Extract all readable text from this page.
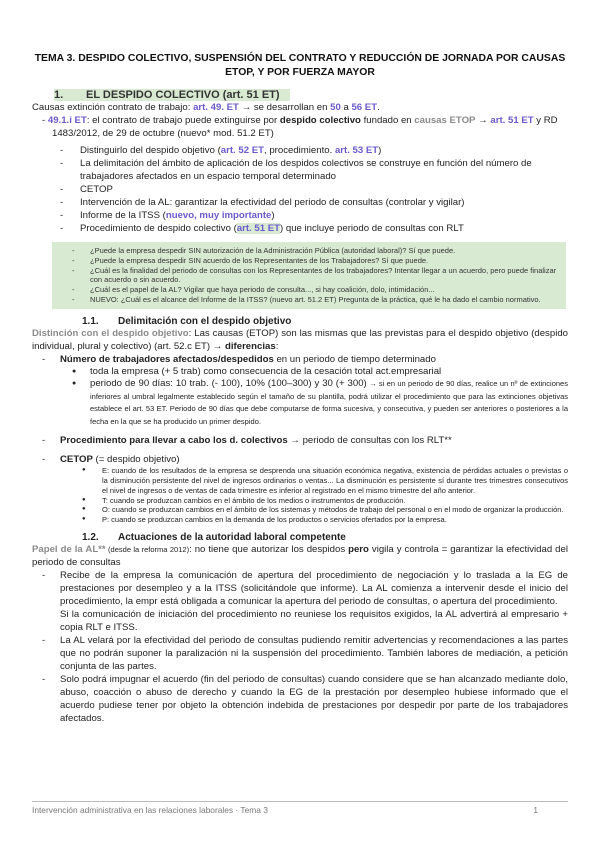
TEMA 3. DESPIDO COLECTIVO, SUSPENSIÓN DEL CONTRATO Y REDUCCIÓN DE JORNADA POR CAUSAS ETOP, Y POR FUERZA MAYOR
1. EL DESPIDO COLECTIVO (art. 51 ET)
Causas extinción contrato de trabajo: art. 49. ET → se desarrollan en 50 a 56 ET.
- 49.1.i ET: el contrato de trabajo puede extinguirse por despido colectivo fundado en causas ETOP → art. 51 ET y RD 1483/2012, de 29 de octubre (nuevo* mod. 51.2 ET)
- Distinguirlo del despido objetivo (art. 52 ET, procedimiento. art. 53 ET)
- La delimitación del ámbito de aplicación de los despidos colectivos se construye en función del número de trabajadores afectados en un espacio temporal determinado
- CETOP
- Intervención de la AL: garantizar la efectividad del periodo de consultas (controlar y vigilar)
- Informe de la ITSS (nuevo, muy importante)
- Procedimiento de despido colectivo (art. 51 ET) que incluye periodo de consultas con RLT
- ¿Puede la empresa despedir SIN autorización de la Administración Pública (autoridad laboral)? Sí que puede.
- ¿Puede la empresa despedir SIN acuerdo de los Representantes de los Trabajadores? Sí que puede.
- ¿Cuál es la finalidad del periodo de consultas con los Representantes de los trabajadores? Intentar llegar a un acuerdo, pero puede finalizar con acuerdo o sin acuerdo.
- ¿Cuál es el papel de la AL? Vigilar que haya periodo de consulta..., si hay coalición, dolo, intimidación...
- NUEVO: ¿Cuál es el alcance del Informe de la ITSS? (nuevo art. 51.2 ET) Pregunta de la práctica, qué le ha dado el cambio normativo.
1.1. Delimitación con el despido objetivo
Distinción con el despido objetivo: Las causas (ETOP) son las mismas que las previstas para el despido objetivo (despido individual, plural y colectivo) (art. 52.c ET) → diferencias:
- Número de trabajadores afectados/despedidos en un periodo de tiempo determinado
● toda la empresa (+ 5 trab) como consecuencia de la cesación total act.empresarial
● periodo de 90 días: 10 trab. (- 100), 10% (100–300) y 30 (+ 300) → si en un periodo de 90 días, realice un nº de extinciones inferiores al umbral legalmente establecido según el tamaño de su plantilla, podrá utilizar el procedimiento que para las extinciones objetivas establece el art. 53 ET. Periodo de 90 días que debe computarse de forma sucesiva, y consecutiva, y pueden ser anteriores o posteriores a la fecha en la que se ha producido un primer despido.
- Procedimiento para llevar a cabo los d. colectivos → periodo de consultas con los RLT**
- CETOP (= despido objetivo)
● E: cuando de los resultados de la empresa se desprenda una situación económica negativa, existencia de pérdidas actuales o previstas o la disminución persistente del nivel de ingresos ordinarios o ventas... La disminución es persistente sí durante tres trimestres consecutivos el nivel de ingresos o de ventas de cada trimestre es inferior al registrado en el mismo trimestre del año anterior.
● T: cuando se produzcan cambios en el ámbito de los medios o instrumentos de producción.
● O: cuando se produzcan cambios en el ámbito de los sistemas y métodos de trabajo del personal o en el modo de organizar la producción.
● P: cuando se produzcan cambios en la demanda de los productos o servicios ofertados por la empresa.
1.2. Actuaciones de la autoridad laboral competente
Papel de la AL** (desde la reforma 2012): no tiene que autorizar los despidos pero vigila y controla = garantizar la efectividad del periodo de consultas
- Recibe de la empresa la comunicación de apertura del procedimiento de negociación y lo traslada a la EG de prestaciones por desempleo y a la ITSS (solicitándole que informe). La AL comienza a intervenir desde el inicio del procedimiento, la empr está obligada a comunicar la apertura del periodo de consultas, o apertura del procedimiento.
Si la comunicación de iniciación del procedimiento no reuniese los requisitos exigidos, la AL advertirá al empresario + copia RLT e ITSS.
- La AL velará por la efectividad del periodo de consultas pudiendo remitir advertencias y recomendaciones a las partes que no podrán suponer la paralización ni la suspensión del procedimiento. También labores de mediación, a petición conjunta de las partes.
- Solo podrá impugnar el acuerdo (fin del periodo de consultas) cuando considere que se han alcanzado mediante dolo, abuso, coacción o abuso de derecho y cuando la EG de la prestación por desempleo hubiese informado que el acuerdo pudiese tener por objeto la obtención indebida de prestaciones por despedir por parte de los trabajadores afectados.
Intervención administrativa en las relaciones laborales · Tema 3	1
